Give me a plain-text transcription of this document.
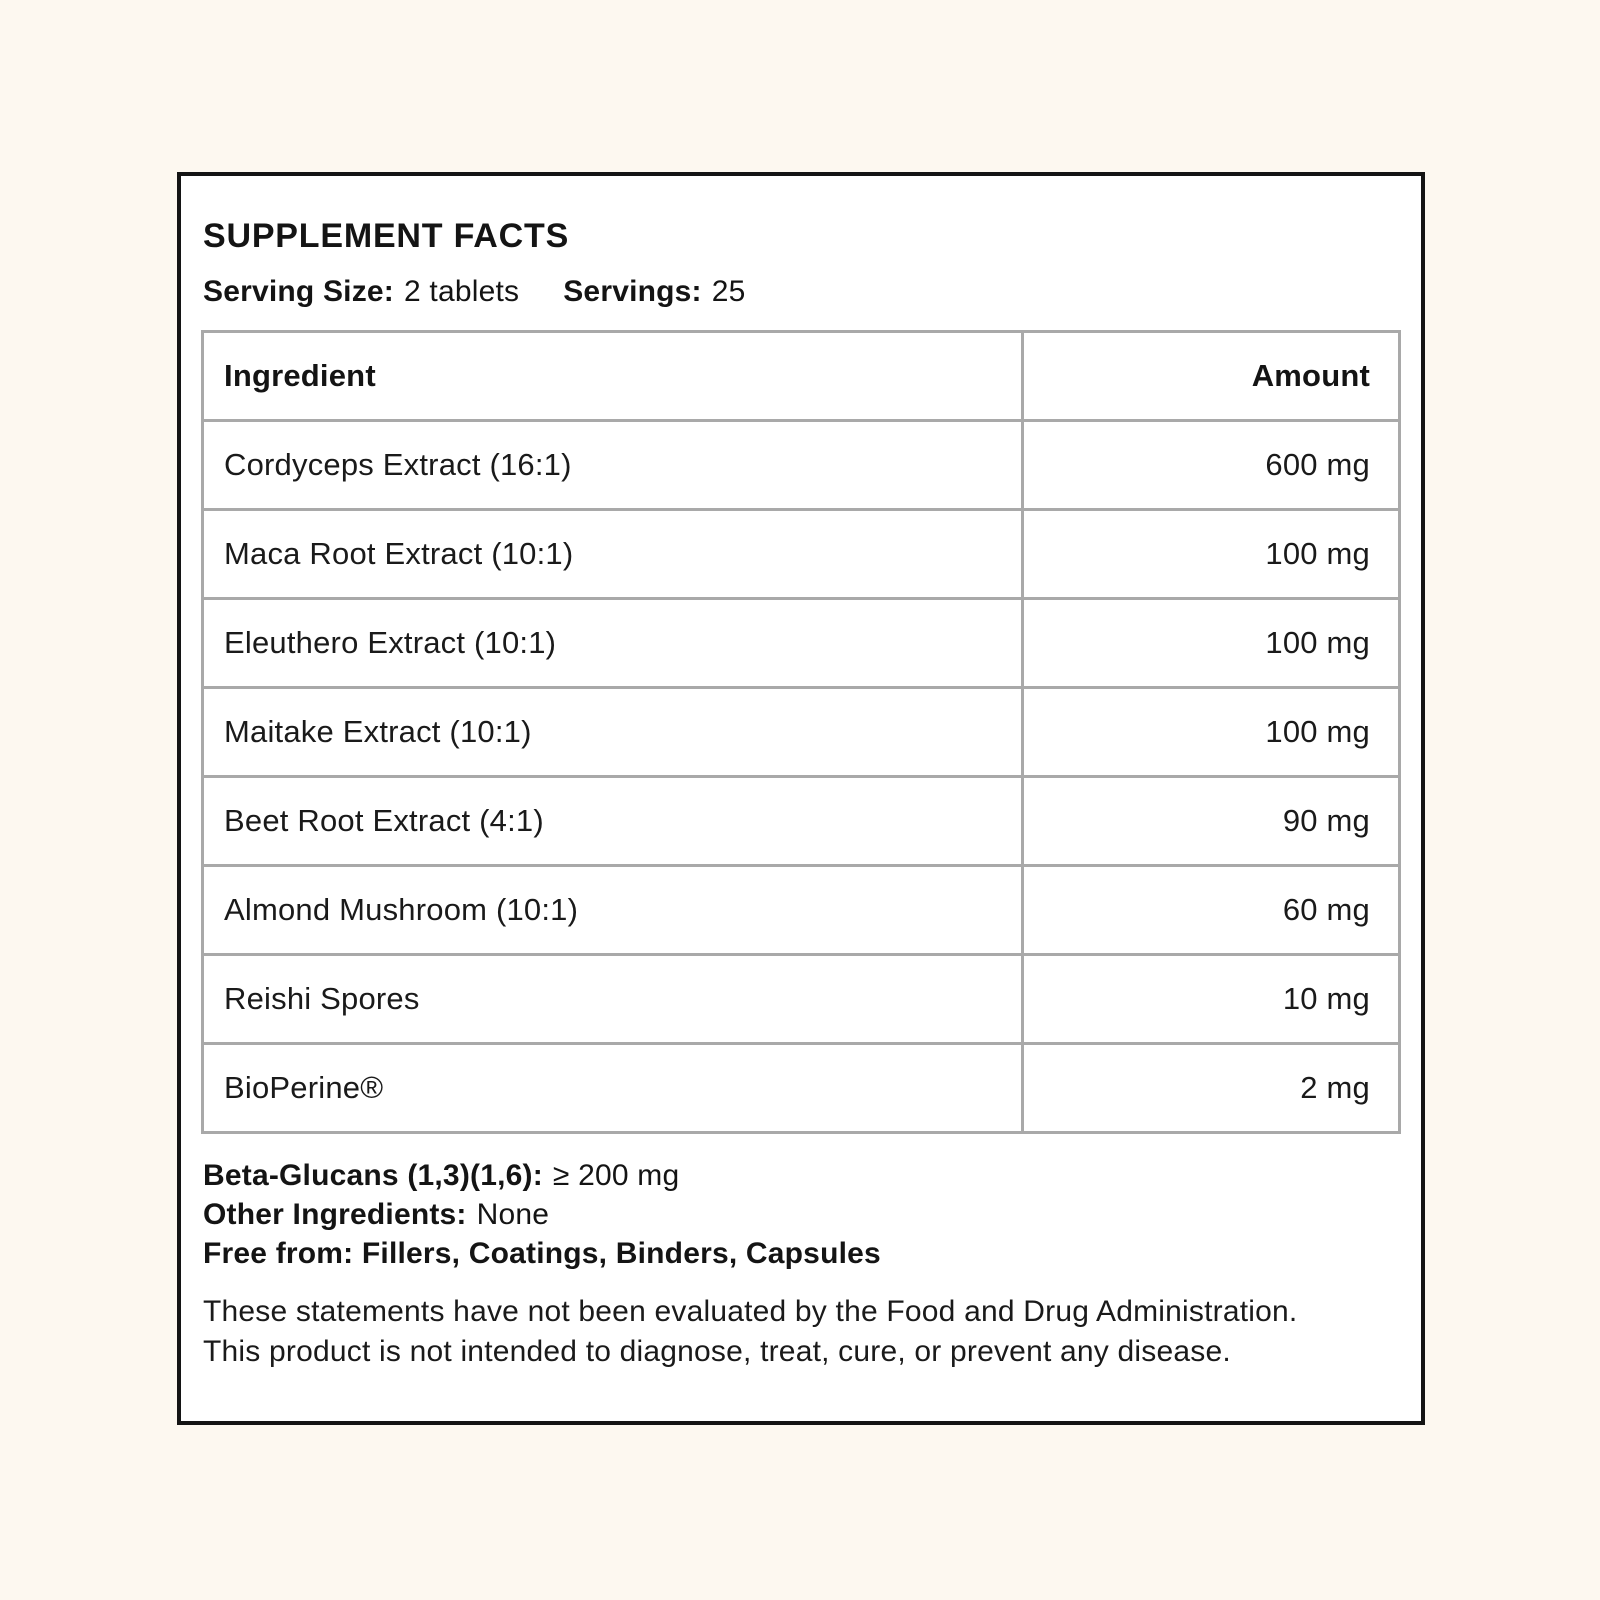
SUPPLEMENT FACTS
Serving Size: 2 tablets Servings: 25
Ingredient	Amount
Cordyceps Extract (16:1)	600 mg
Maca Root Extract (10:1)	100 mg
Eleuthero Extract (10:1)	100 mg
Maitake Extract (10:1)	100 mg
Beet Root Extract (4:1)	90 mg
Almond Mushroom (10:1)	60 mg
Reishi Spores	10 mg
BioPerine®	2 mg
Beta-Glucans (1,3)(1,6): ≥ 200 mg
Other Ingredients: None
Free from: Fillers, Coatings, Binders, Capsules

These statements have not been evaluated by the Food and Drug Administration. This product is not intended to diagnose, treat, cure, or prevent any disease.
